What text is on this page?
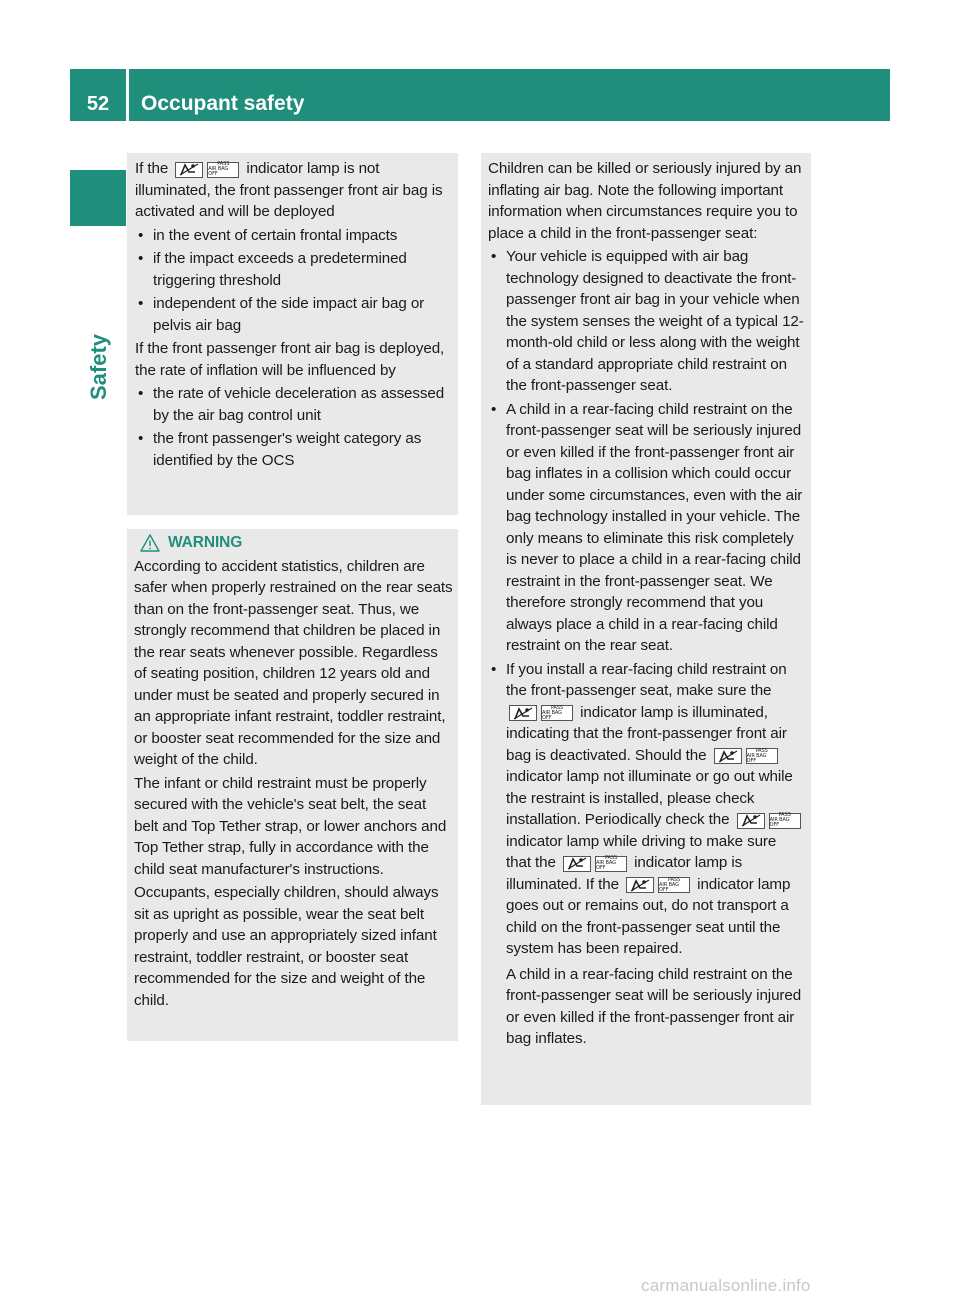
52	Occupant safety
Safety

If the	PASS
AIR BAG OFF	indicator lamp is not illuminated, the front passenger front air bag is activated and will be deployed

• in the event of certain frontal impacts
• if the impact exceeds a predetermined triggering threshold
• independent of the side impact air bag or pelvis air bag

If the front passenger front air bag is deployed, the rate of inflation will be influenced by

• the rate of vehicle deceleration as assessed by the air bag control unit
• the front passenger's weight category as identified by the OCS
WARNING

According to accident statistics, children are safer when properly restrained on the rear seats than on the front-passenger seat. Thus, we strongly recommend that children be placed in the rear seats whenever possible. Regardless of seating position, children 12 years old and under must be seated and properly secured in an appropriate infant restraint, toddler restraint, or booster seat recommended for the size and weight of the child.

The infant or child restraint must be properly secured with the vehicle's seat belt, the seat belt and Top Tether strap, or lower anchors and Top Tether strap, fully in accordance with the child seat manufacturer's instructions.

Occupants, especially children, should always sit as upright as possible, wear the seat belt properly and use an appropriately sized infant restraint, toddler restraint, or booster seat recommended for the size and weight of the child.

Children can be killed or seriously injured by an inflating air bag. Note the following important information when circumstances require you to place a child in the front-passenger seat:

• Your vehicle is equipped with air bag technology designed to deactivate the front-passenger front air bag in your vehicle when the system senses the weight of a typical 12-month-old child or less along with the weight of a standard appropriate child restraint on the front-passenger seat.
• A child in a rear-facing child restraint on the front-passenger seat will be seriously injured or even killed if the front-passenger front air bag inflates in a collision which could occur under some circumstances, even with the air bag technology installed in your vehicle. The only means to eliminate this risk completely is never to place a child in a rear-facing child restraint in the front-passenger seat. We therefore strongly recommend that you always place a child in a rear-facing child restraint on the rear seat.
• If you install a rear-facing child restraint on the front-passenger seat, make sure the
PASS
AIR BAG OFF	indicator lamp is illuminated, indicating that the front-passenger front air bag is deactivated. Should the	PASS
AIR BAG OFF
indicator lamp not illuminate or go out while the restraint is installed, please check installation. Periodically check the	PASS
AIR BAG OFF
indicator lamp while driving to make sure that the	PASS
AIR BAG OFF	indicator lamp is illuminated. If the	PASS
AIR BAG OFF	indicator lamp goes out or remains out, do not transport a child on the front-passenger seat until the system has been repaired.
A child in a rear-facing child restraint on the front-passenger seat will be seriously injured or even killed if the front-passenger front air bag inflates.
carmanualsonline.info
